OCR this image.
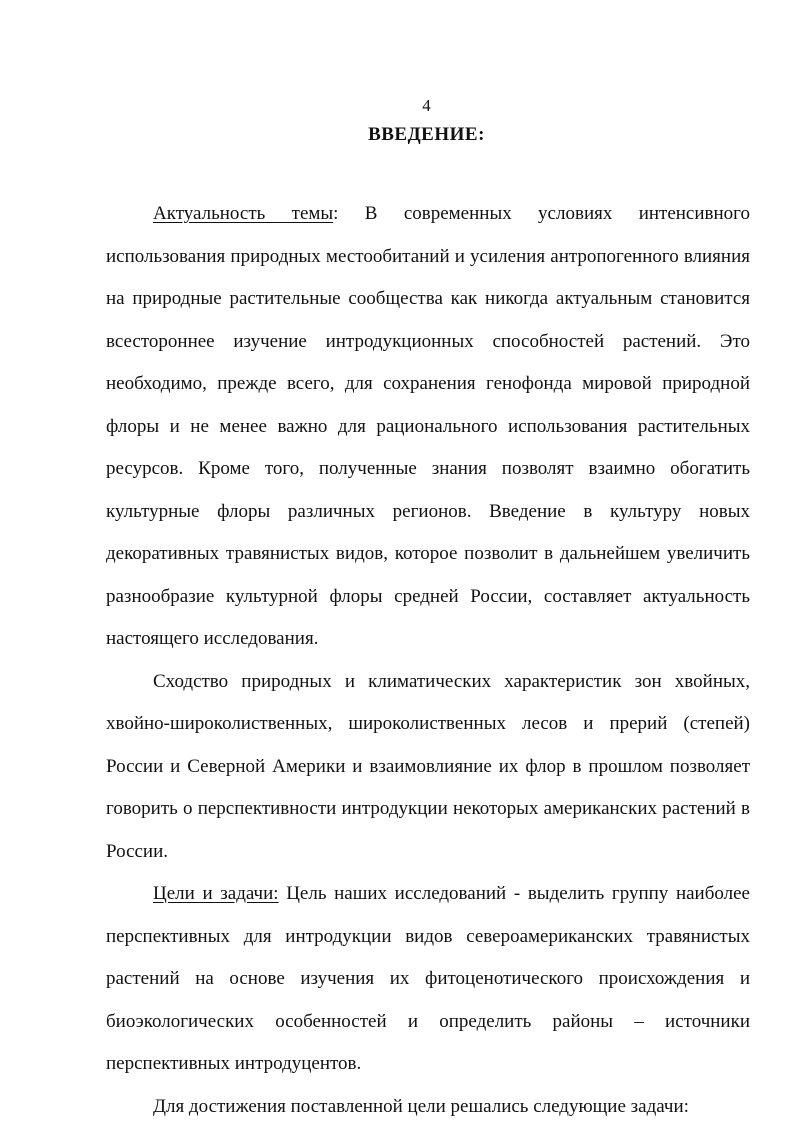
4
ВВЕДЕНИЕ:

Актуальность темы: В современных условиях интенсивного использования природных местообитаний и усиления антропогенного влияния на природные растительные сообщества как никогда актуальным становится всестороннее изучение интродукционных способностей растений. Это необходимо, прежде всего, для сохранения генофонда мировой природной флоры и не менее важно для рационального использования растительных ресурсов. Кроме того, полученные знания позволят взаимно обогатить культурные флоры различных регионов. Введение в культуру новых декоративных травянистых видов, которое позволит в дальнейшем увеличить разнообразие культурной флоры средней России, составляет актуальность настоящего исследования.

Сходство природных и климатических характеристик зон хвойных, хвойно-широколиственных, широколиственных лесов и прерий (степей) России и Северной Америки и взаимовлияние их флор в прошлом позволяет говорить о перспективности интродукции некоторых американских растений в России.

Цели и задачи: Цель наших исследований - выделить группу наиболее перспективных для интродукции видов североамериканских травянистых растений на основе изучения их фитоценотического происхождения и биоэкологических особенностей и определить районы – источники перспективных интродуцентов.

Для достижения поставленной цели решались следующие задачи:
